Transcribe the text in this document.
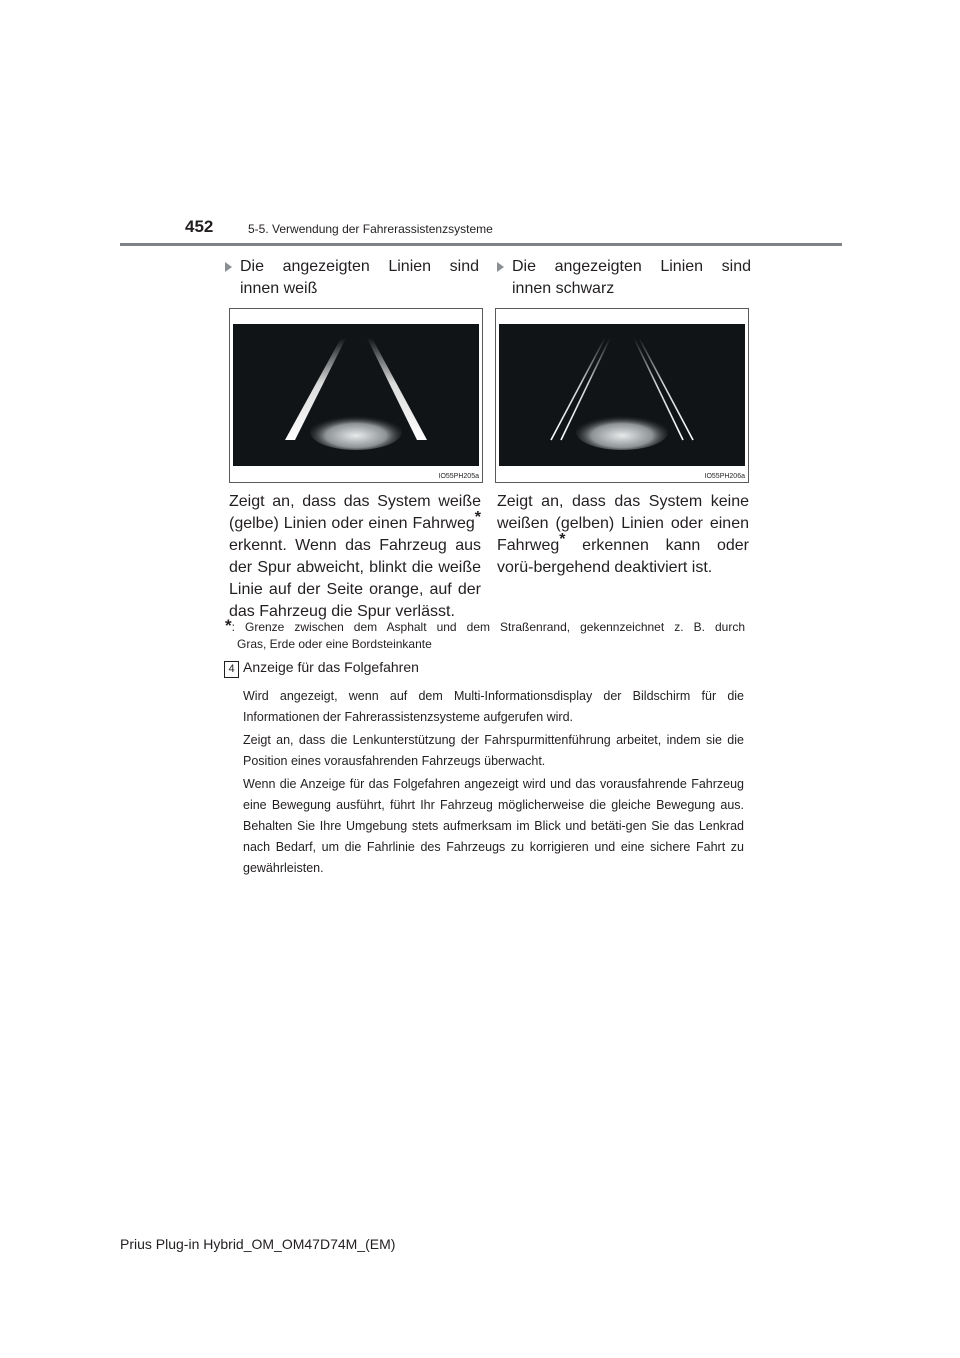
452	5-5. Verwendung der Fahrerassistenzsysteme
Die angezeigten Linien sind innen weiß
Die angezeigten Linien sind innen schwarz
IO55PH205a	IO55PH206a
Zeigt an, dass das System weiße (gelbe) Linien oder einen Fahrweg* erkennt. Wenn das Fahrzeug aus der Spur abweicht, blinkt die weiße Linie auf der Seite orange, auf der das Fahrzeug die Spur verlässt.
Zeigt an, dass das System keine weißen (gelben) Linien oder einen Fahrweg* erkennen kann oder vorü-bergehend deaktiviert ist.
*: Grenze zwischen dem Asphalt und dem Straßenrand, gekennzeichnet z. B. durch
Gras, Erde oder eine Bordsteinkante
4 Anzeige für das Folgefahren
Wird angezeigt, wenn auf dem Multi-Informationsdisplay der Bildschirm für die Informationen der Fahrerassistenzsysteme aufgerufen wird.
Zeigt an, dass die Lenkunterstützung der Fahrspurmittenführung arbeitet, indem sie die Position eines vorausfahrenden Fahrzeugs überwacht.
Wenn die Anzeige für das Folgefahren angezeigt wird und das vorausfahrende Fahrzeug eine Bewegung ausführt, führt Ihr Fahrzeug möglicherweise die gleiche Bewegung aus. Behalten Sie Ihre Umgebung stets aufmerksam im Blick und betäti-gen Sie das Lenkrad nach Bedarf, um die Fahrlinie des Fahrzeugs zu korrigieren und eine sichere Fahrt zu gewährleisten.
Prius Plug-in Hybrid_OM_OM47D74M_(EM)
